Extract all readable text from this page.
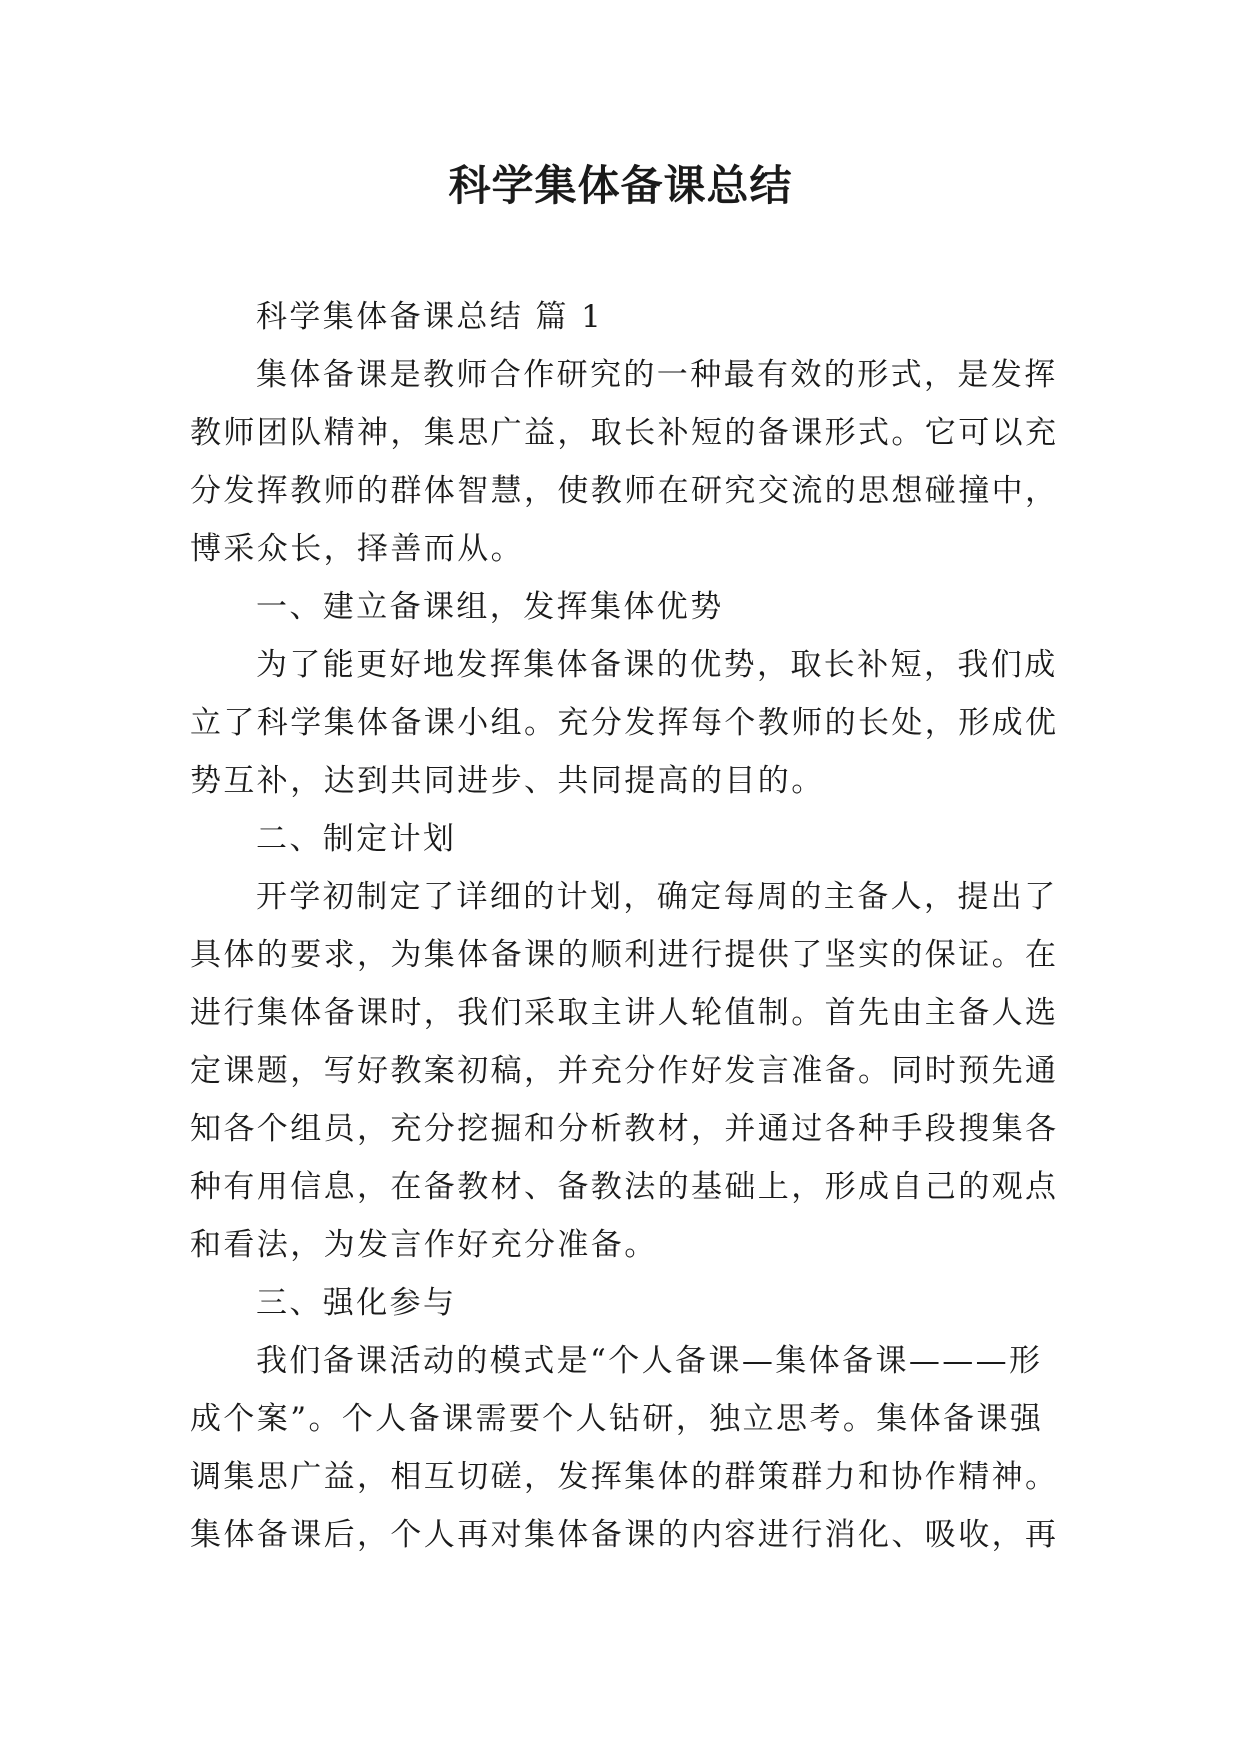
科学集体备课总结
科学集体备课总结 篇 1
集体备课是教师合作研究的一种最有效的形式，是发挥
教师团队精神，集思广益，取长补短的备课形式。它可以充
分发挥教师的群体智慧，使教师在研究交流的思想碰撞中，
博采众长，择善而从。
一、建立备课组，发挥集体优势
为了能更好地发挥集体备课的优势，取长补短，我们成
立了科学集体备课小组。充分发挥每个教师的长处，形成优
势互补，达到共同进步、共同提高的目的。
二、制定计划
开学初制定了详细的计划，确定每周的主备人，提出了
具体的要求，为集体备课的顺利进行提供了坚实的保证。在
进行集体备课时，我们采取主讲人轮值制。首先由主备人选
定课题，写好教案初稿，并充分作好发言准备。同时预先通
知各个组员，充分挖掘和分析教材，并通过各种手段搜集各
种有用信息，在备教材、备教法的基础上，形成自己的观点
和看法，为发言作好充分准备。
三、强化参与
我们备课活动的模式是“个人备课—集体备课———形
成个案”。个人备课需要个人钻研，独立思考。集体备课强
调集思广益，相互切磋，发挥集体的群策群力和协作精神。
集体备课后，个人再对集体备课的内容进行消化、吸收，再
